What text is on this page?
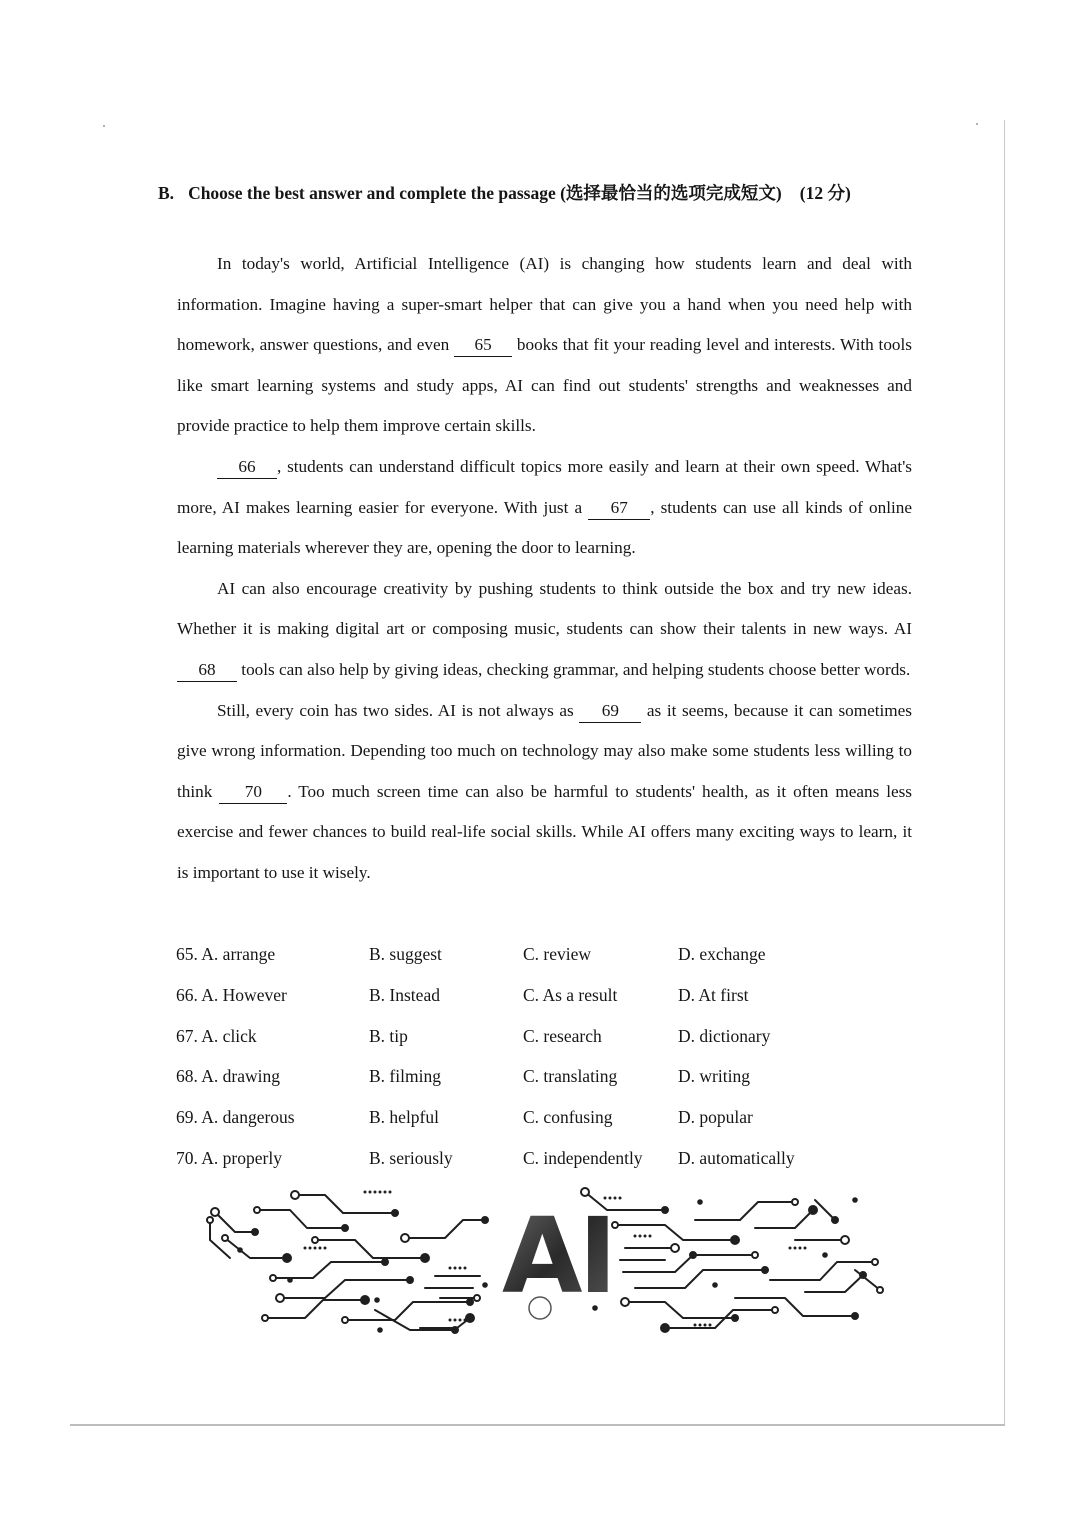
B. Choose the best answer and complete the passage (选择最恰当的选项完成短文) (12 分)

In today's world, Artificial Intelligence (AI) is changing how students learn and deal with information. Imagine having a super-smart helper that can give you a hand when you need help with homework, answer questions, and even 65 books that fit your reading level and interests. With tools like smart learning systems and study apps, AI can find out students' strengths and weaknesses and provide practice to help them improve certain skills.

66 , students can understand difficult topics more easily and learn at their own speed. What's more, AI makes learning easier for everyone. With just a 67 , students can use all kinds of online learning materials wherever they are, opening the door to learning.

AI can also encourage creativity by pushing students to think outside the box and try new ideas. Whether it is making digital art or composing music, students can show their talents in new ways. AI 68 tools can also help by giving ideas, checking grammar, and helping students choose better words.

Still, every coin has two sides. AI is not always as 69 as it seems, because it can sometimes give wrong information. Depending too much on technology may also make some students less willing to think 70 . Too much screen time can also be harmful to students' health, as it often means less exercise and fewer chances to build real-life social skills. While AI offers many exciting ways to learn, it is important to use it wisely.

65. A. arrange	B. suggest	C. review	D. exchange
66. A. However	B. Instead	C. As a result	D. At first
67. A. click	B. tip	C. research	D. dictionary
68. A. drawing	B. filming	C. translating	D. writing
69. A. dangerous	B. helpful	C. confusing	D. popular
70. A. properly	B. seriously	C. independently D. automatically
AI
